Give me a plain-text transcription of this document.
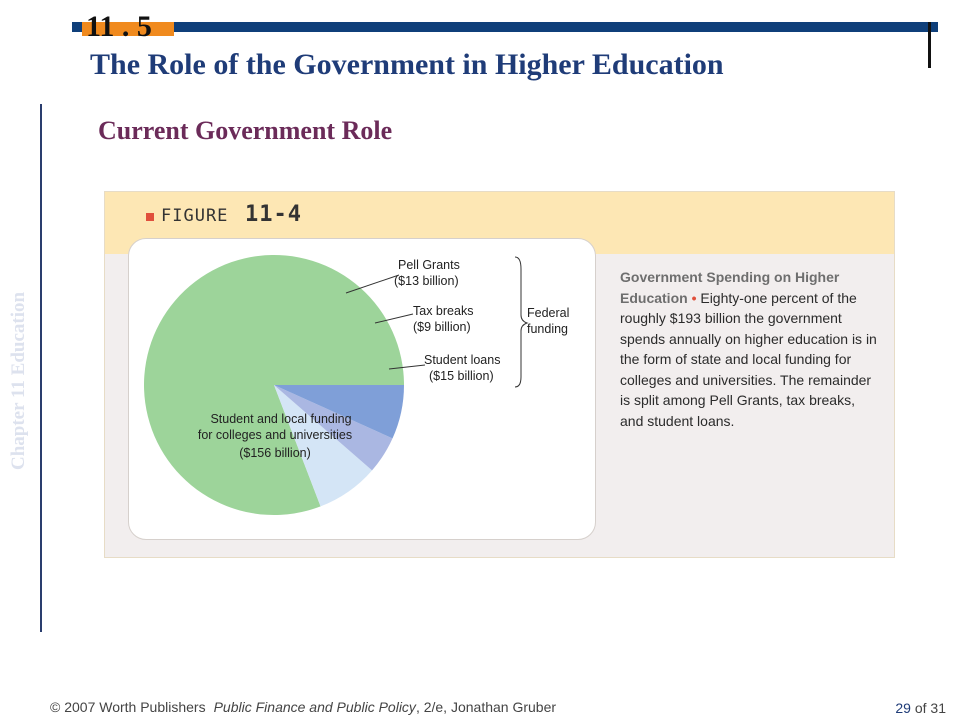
11 . 5
The Role of the Government in Higher Education
Current Government Role
Chapter 11 Education
FIGURE 11-4
Pell Grants
($13 billion)
Tax breaks
($9 billion)
Student loans
($15 billion)
Federal
funding
Student and local funding
for colleges and universities
($156 billion)
Government Spending on Higher Education • Eighty-one percent of the roughly $193 billion the government spends annually on higher education is in the form of state and local funding for colleges and universities. The remainder is split among Pell Grants, tax breaks, and student loans.
© 2007 Worth Publishers Public Finance and Public Policy, 2/e, Jonathan Gruber	29 of 31
